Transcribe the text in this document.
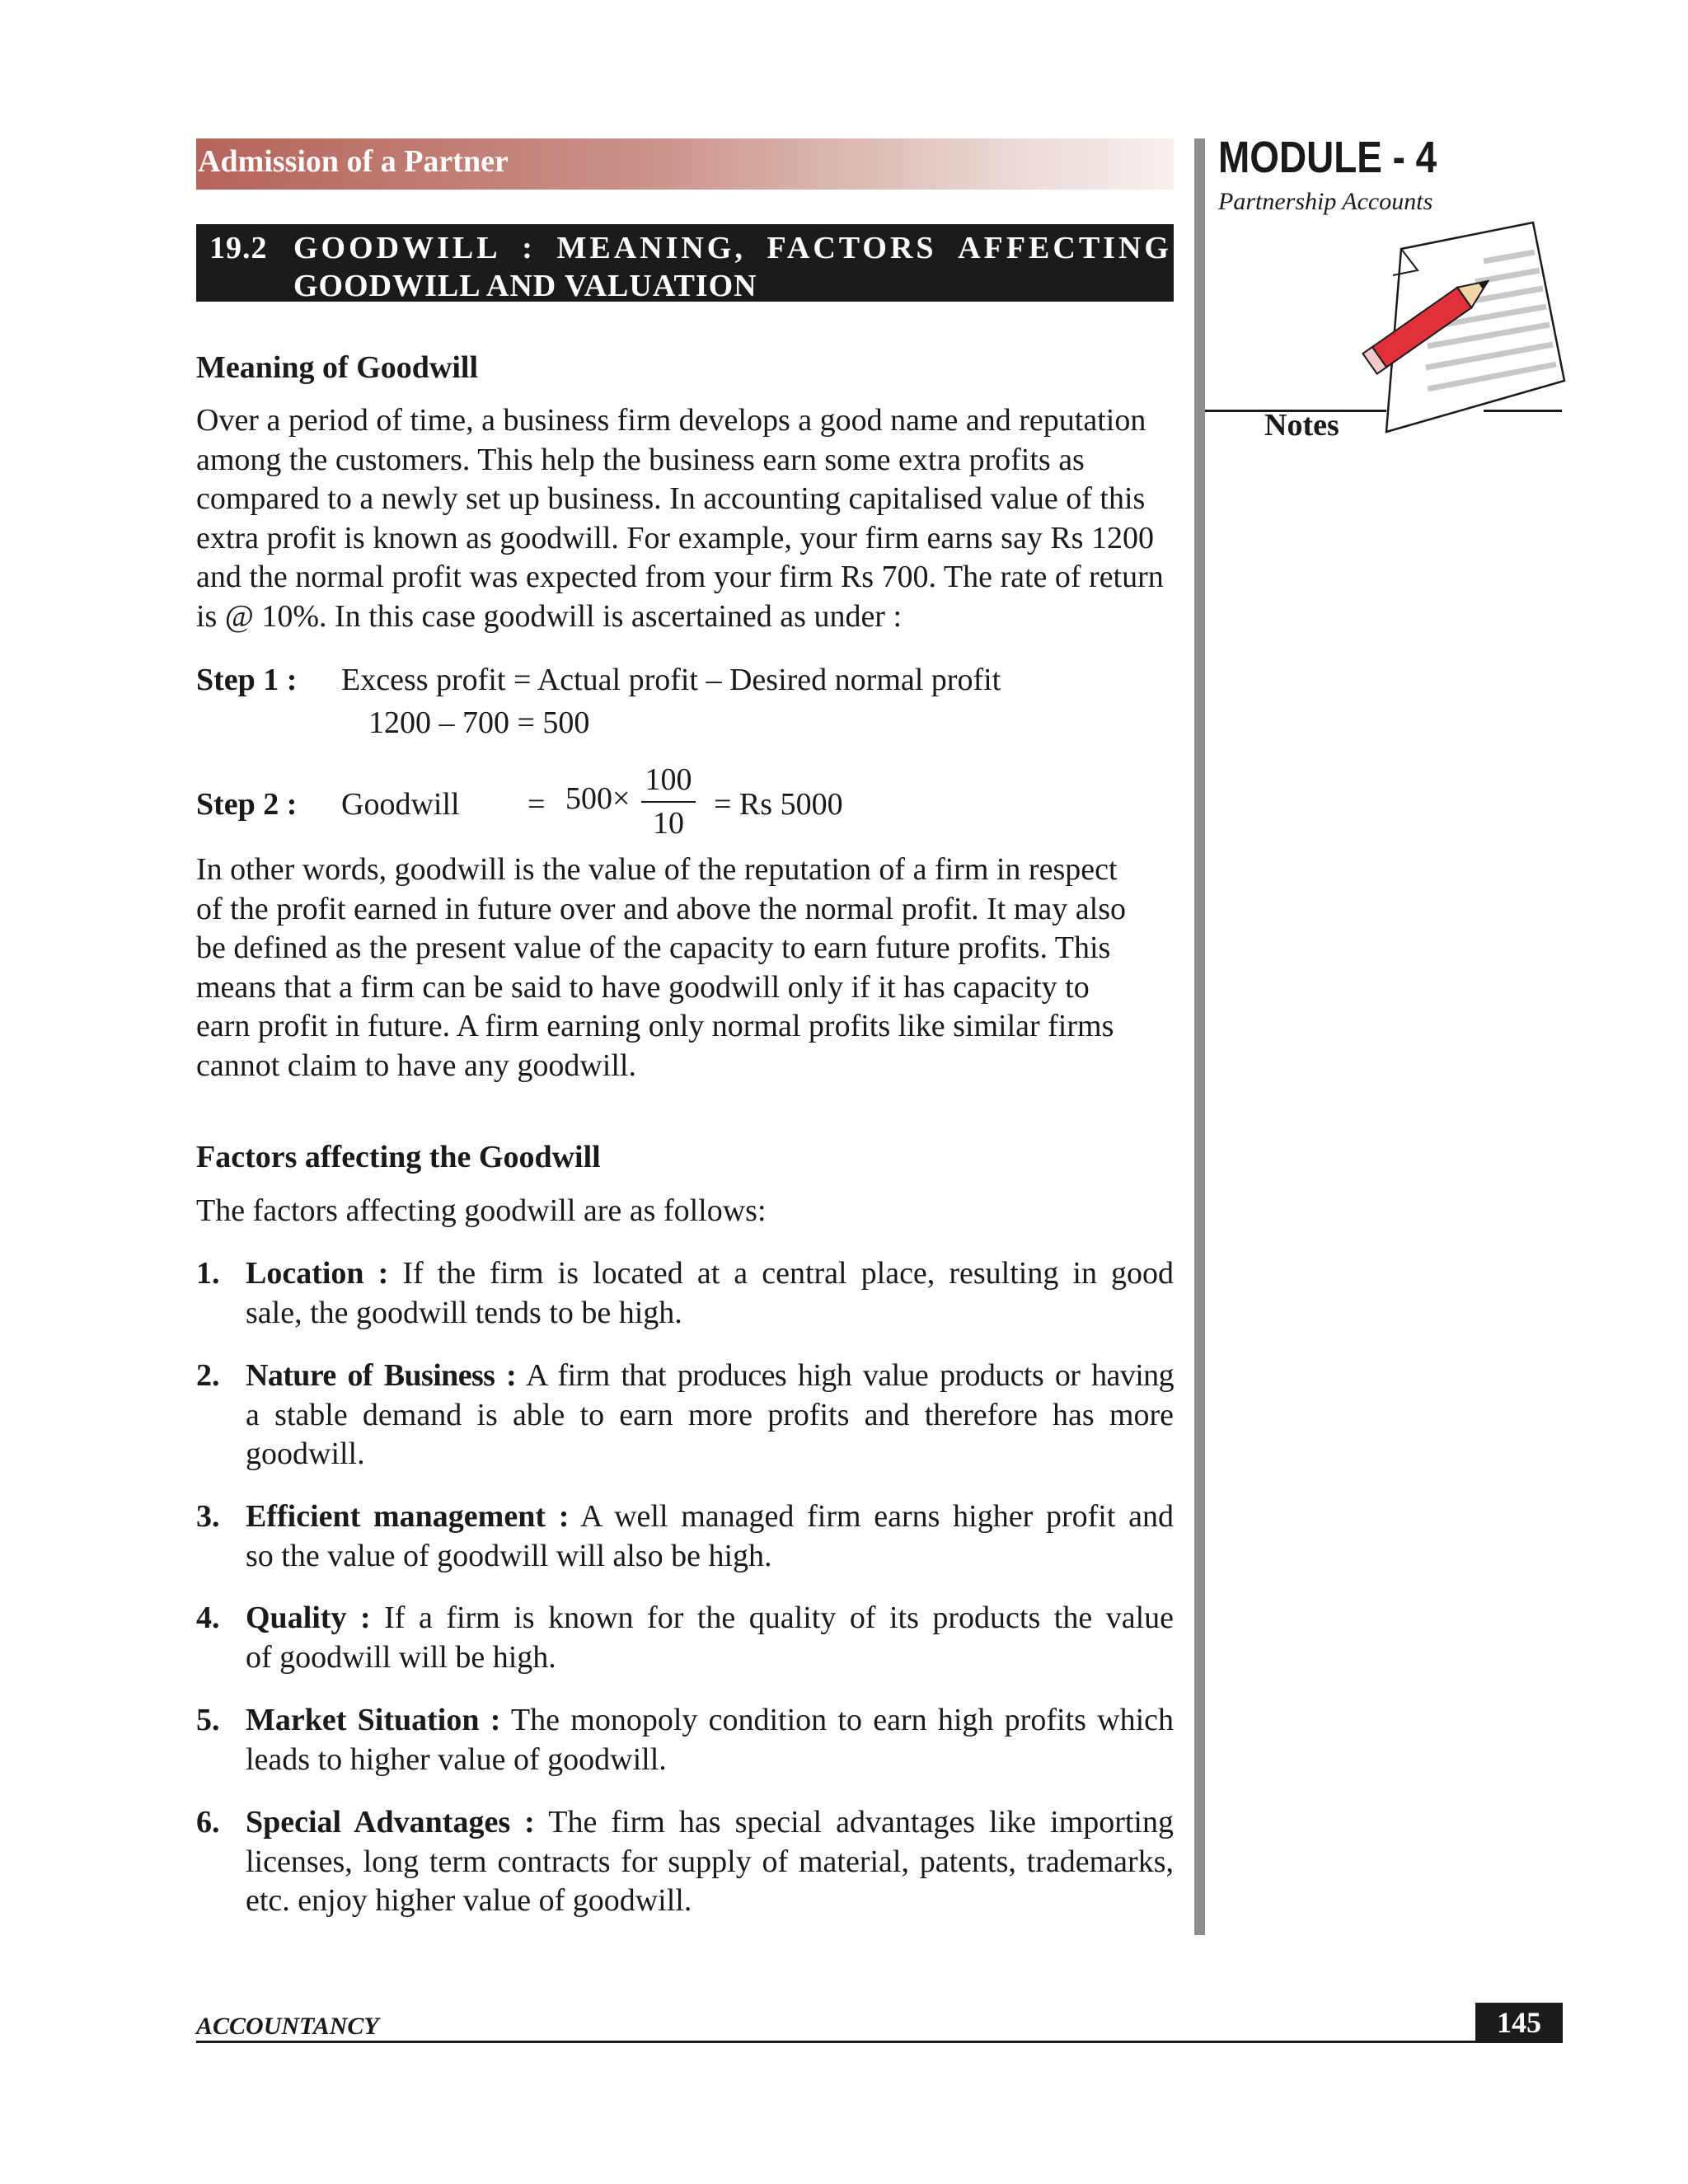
Admission of a Partner
19.2 GOODWILL : MEANING, FACTORS AFFECTING
GOODWILL AND VALUATION
MODULE - 4
Partnership Accounts
Notes
Meaning of Goodwill
Over a period of time, a business firm develops a good name and reputation
among the customers. This help the business earn some extra profits as
compared to a newly set up business. In accounting capitalised value of this
extra profit is known as goodwill. For example, your firm earns say Rs 1200
and the normal profit was expected from your firm Rs 700. The rate of return
is @ 10%. In this case goodwill is ascertained as under :
Step 1 : Excess profit = Actual profit – Desired normal profit
1200 – 700 = 500
Step 2 : Goodwill = 500×
100
10
= Rs 5000
In other words, goodwill is the value of the reputation of a firm in respect
of the profit earned in future over and above the normal profit. It may also
be defined as the present value of the capacity to earn future profits. This
means that a firm can be said to have goodwill only if it has capacity to
earn profit in future. A firm earning only normal profits like similar firms
cannot claim to have any goodwill.
Factors affecting the Goodwill
The factors affecting goodwill are as follows:
1. Location : If the firm is located at a central place, resulting in good
sale, the goodwill tends to be high.
2. Nature of Business : A firm that produces high value products or having
a stable demand is able to earn more profits and therefore has more
goodwill.
3. Efficient management : A well managed firm earns higher profit and
so the value of goodwill will also be high.
4. Quality : If a firm is known for the quality of its products the value
of goodwill will be high.
5. Market Situation : The monopoly condition to earn high profits which
leads to higher value of goodwill.
6. Special Advantages : The firm has special advantages like importing
licenses, long term contracts for supply of material, patents, trademarks,
etc. enjoy higher value of goodwill.
ACCOUNTANCY	145
